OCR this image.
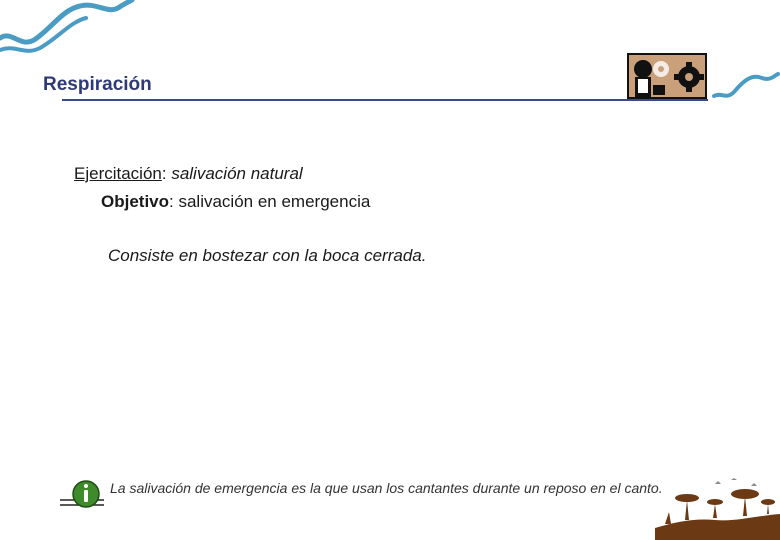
Respiración
Ejercitación: salivación natural
Objetivo: salivación en emergencia
Consiste en bostezar con la boca cerrada.
La salivación de emergencia es la que usan los cantantes durante un reposo en el canto.
25
